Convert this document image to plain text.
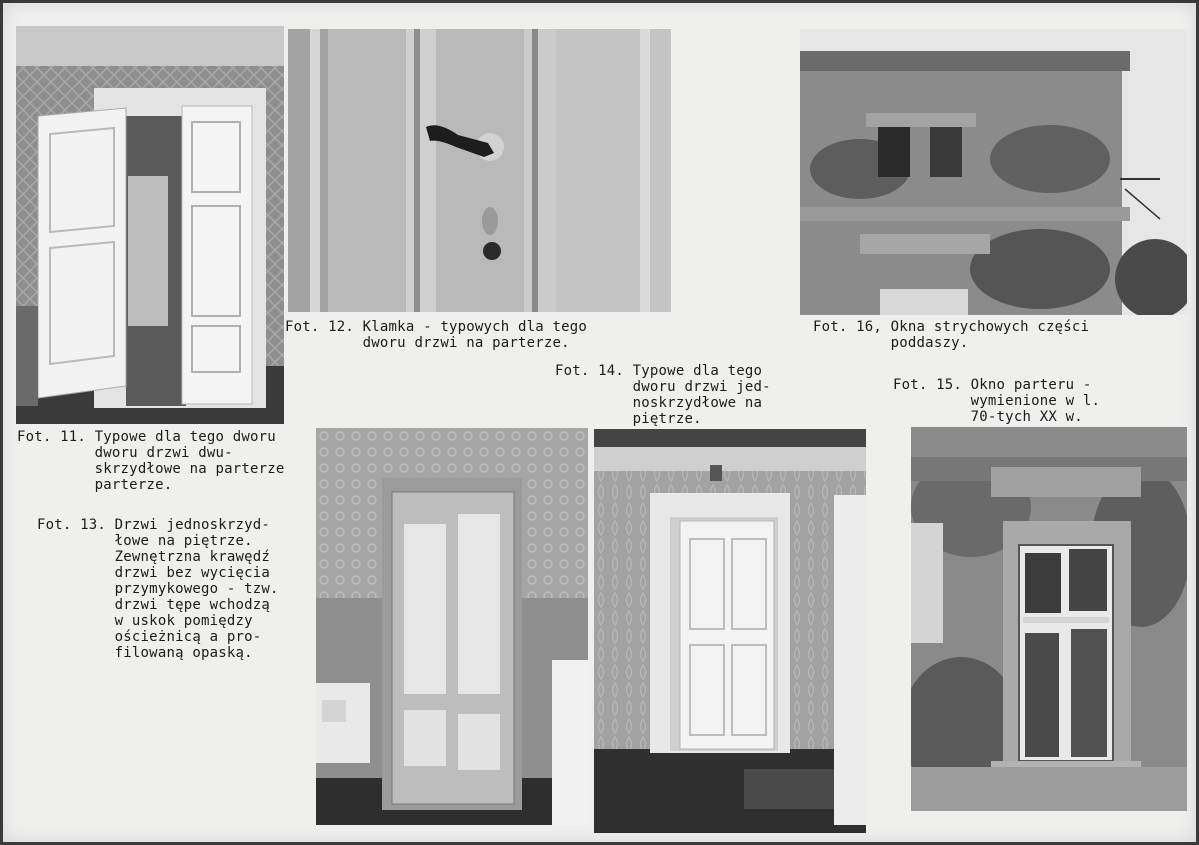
Fot. 11. Typowe dla tego dworu
dworu drzwi dwu-
skrzydłowe na parterze
parterze.

Fot. 12. Klamka - typowych dla tego
dworu drzwi na parterze.

Fot. 13. Drzwi jednoskrzyd-
łowe na piętrze.
Zewnętrzna krawędź
drzwi bez wycięcia
przymykowego - tzw.
drzwi tępe wchodzą
w uskok pomiędzy
ościeżnicą a pro-
filowaną opaską.

Fot. 14. Typowe dla tego
dworu drzwi jed-
noskrzydłowe na
piętrze.

Fot. 15. Okno parteru -
wymienione w l.
70-tych XX w.

Fot. 16, Okna strychowych części
poddaszy.
